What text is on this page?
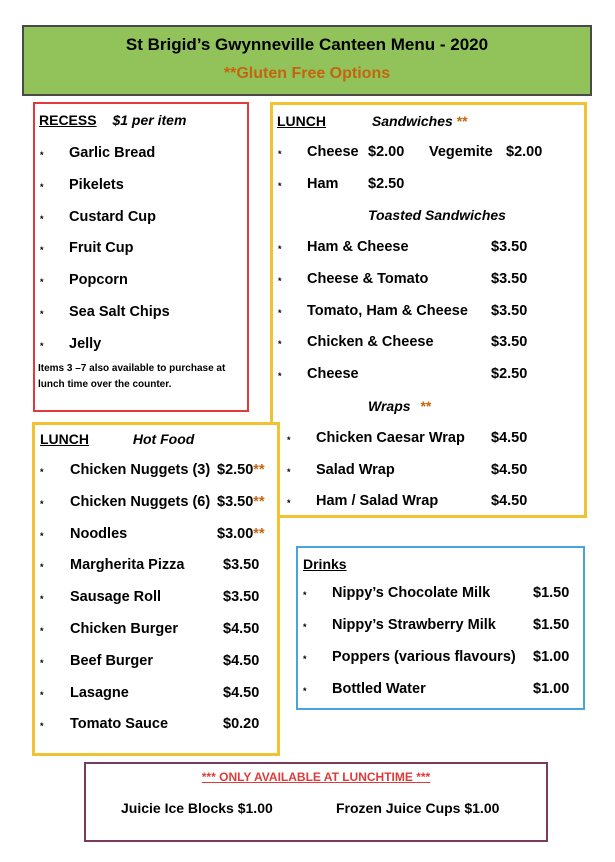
St Brigid’s Gwynneville Canteen Menu - 2020
**Gluten Free Options
RECESS $1 per item
* Garlic Bread
* Pikelets
* Custard Cup
* Fruit Cup
* Popcorn
* Sea Salt Chips
* Jelly
Items 3 –7 also available to purchase at lunch time over the counter.
LUNCH	Sandwiches **
* Cheese $2.00 Vegemite $2.00
* Ham $2.50
Toasted Sandwiches
* Ham & Cheese	$3.50
* Cheese & Tomato	$3.50
* Tomato, Ham & Cheese $3.50
* Chicken & Cheese	$3.50
* Cheese	$2.50
Wraps **
* Chicken Caesar Wrap $4.50
* Salad Wrap	$4.50
* Ham / Salad Wrap	$4.50
LUNCH	Hot Food
* Chicken Nuggets (3) $2.50**
* Chicken Nuggets (6) $3.50**
* Noodles	$3.00**
* Margherita Pizza	$3.50
* Sausage Roll	$3.50
* Chicken Burger	$4.50
* Beef Burger	$4.50
* Lasagne	$4.50
* Tomato Sauce	$0.20
Drinks
* Nippy’s Chocolate Milk	$1.50
* Nippy’s Strawberry Milk	$1.50
* Poppers (various flavours) $1.00
* Bottled Water	$1.00
*** ONLY AVAILABLE AT LUNCHTIME ***
Juicie Ice Blocks $1.00	Frozen Juice Cups $1.00
